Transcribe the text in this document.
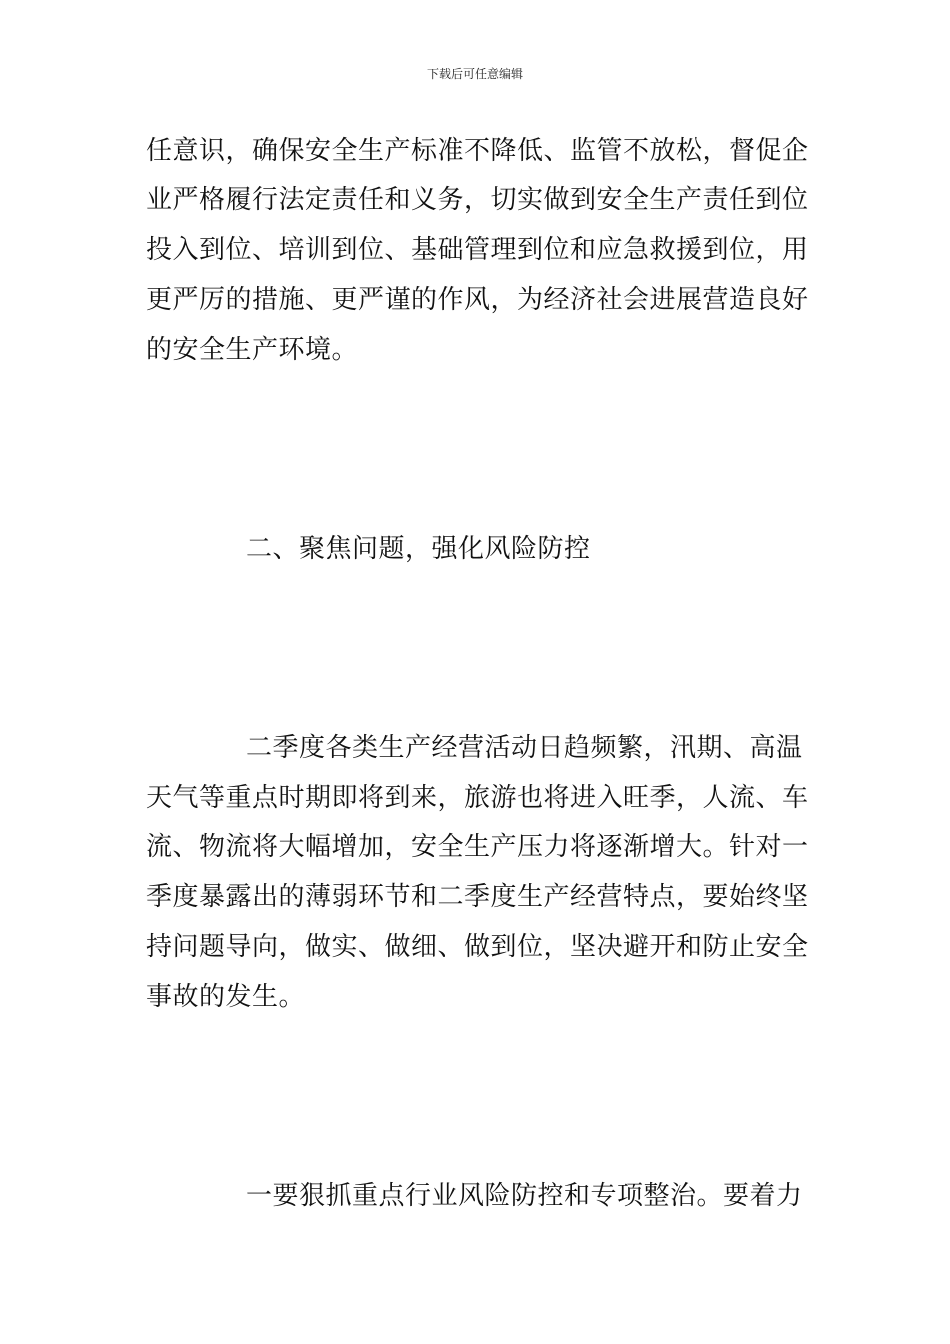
下载后可任意编辑
任意识，确保安全生产标准不降低、监管不放松，督促企
业严格履行法定责任和义务，切实做到安全生产责任到位
投入到位、培训到位、基础管理到位和应急救援到位，用
更严厉的措施、更严谨的作风，为经济社会进展营造良好
的安全生产环境。
二、聚焦问题，强化风险防控
二季度各类生产经营活动日趋频繁，汛期、高温
天气等重点时期即将到来，旅游也将进入旺季，人流、车
流、物流将大幅增加，安全生产压力将逐渐增大。针对一
季度暴露出的薄弱环节和二季度生产经营特点，要始终坚
持问题导向，做实、做细、做到位，坚决避开和防止安全
事故的发生。
一要狠抓重点行业风险防控和专项整治。要着力
